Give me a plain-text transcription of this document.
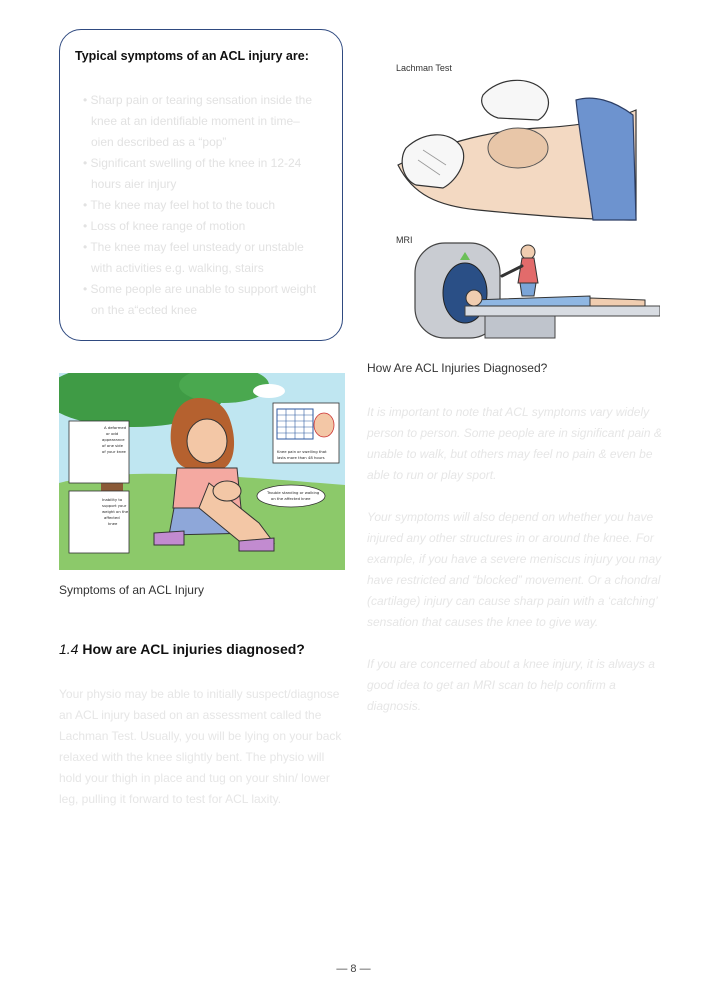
Typical symptoms of an ACL injury are:
• Sharp pain or tearing sensation inside the knee at an identifiable moment in time– oien described as a “pop”
• Significant swelling of the knee in 12-24 hours aier injury
• The knee may feel hot to the touch
• Loss of knee range of motion
• The knee may feel unsteady or unstable with activities e.g. walking, stairs
• Some people are unable to support weight on the a“ected knee
Lachman Test
MRI
How Are ACL Injuries Diagnosed?
A deformed or odd appearance of one side of your knee
Inability to support your weight on the affected knee
Knee pain or swelling that lasts more than 48 hours
Trouble standing or walking on the affected knee
Symptoms of an ACL Injury
1.4 How are ACL injuries diagnosed?
Your physio may be able to initially suspect/diagnose an ACL injury based on an assessment called the Lachman Test. Usually, you will be lying on your back relaxed with the knee slightly bent. The physio will hold your thigh in place and tug on your shin/ lower leg, pulling it forward to test for ACL laxity.

It is important to note that ACL symptoms vary widely person to person. Some people are in significant pain & unable to walk, but others may feel no pain & even be able to run or play sport.

Your symptoms will also depend on whether you have injured any other structures in or around the knee. For example, if you have a severe meniscus injury you may have restricted and “blocked” movement. Or a chondral (cartilage) injury can cause sharp pain with a ‘catching’ sensation that causes the knee to give way.

If you are concerned about a knee injury, it is always a good idea to get an MRI scan to help confirm a diagnosis.

— 8 —
